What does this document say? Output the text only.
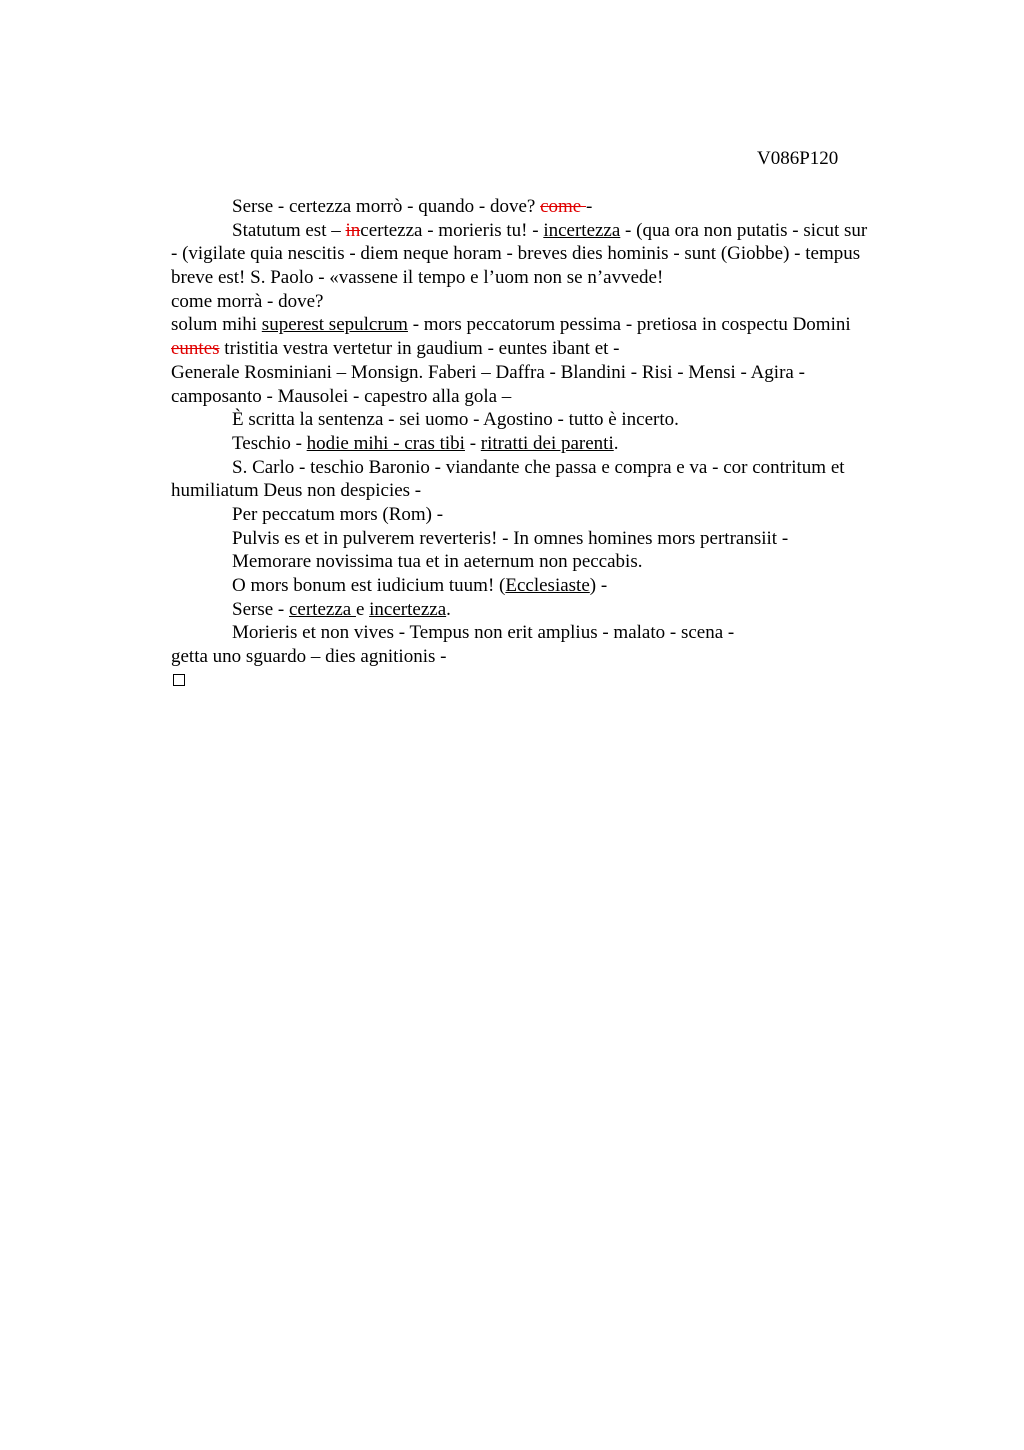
V086P120
Serse - certezza morrò - quando - dove? come -
Statutum est – incertezza - morieris tu! - incertezza - (qua ora non putatis - sicut sur
- (vigilate quia nescitis - diem neque horam - breves dies hominis - sunt (Giobbe) - tempus
breve est! S. Paolo - «vassene il tempo e l’uom non se n’avvede!
come morrà - dove?
solum mihi superest sepulcrum - mors peccatorum pessima - pretiosa in cospectu Domini
euntes tristitia vestra vertetur in gaudium - euntes ibant et -
Generale Rosminiani – Monsign. Faberi – Daffra - Blandini - Risi - Mensi - Agira -
camposanto - Mausolei - capestro alla gola –
È scritta la sentenza - sei uomo - Agostino - tutto è incerto.
Teschio - hodie mihi - cras tibi - ritratti dei parenti.
S. Carlo - teschio Baronio - viandante che passa e compra e va - cor contritum et
humiliatum Deus non despicies -
Per peccatum mors (Rom) -
Pulvis es et in pulverem reverteris! - In omnes homines mors pertransiit -
Memorare novissima tua et in aeternum non peccabis.
O mors bonum est iudicium tuum! (Ecclesiaste) -
Serse - certezza e incertezza.
Morieris et non vives - Tempus non erit amplius - malato - scena -
getta uno sguardo – dies agnitionis -
